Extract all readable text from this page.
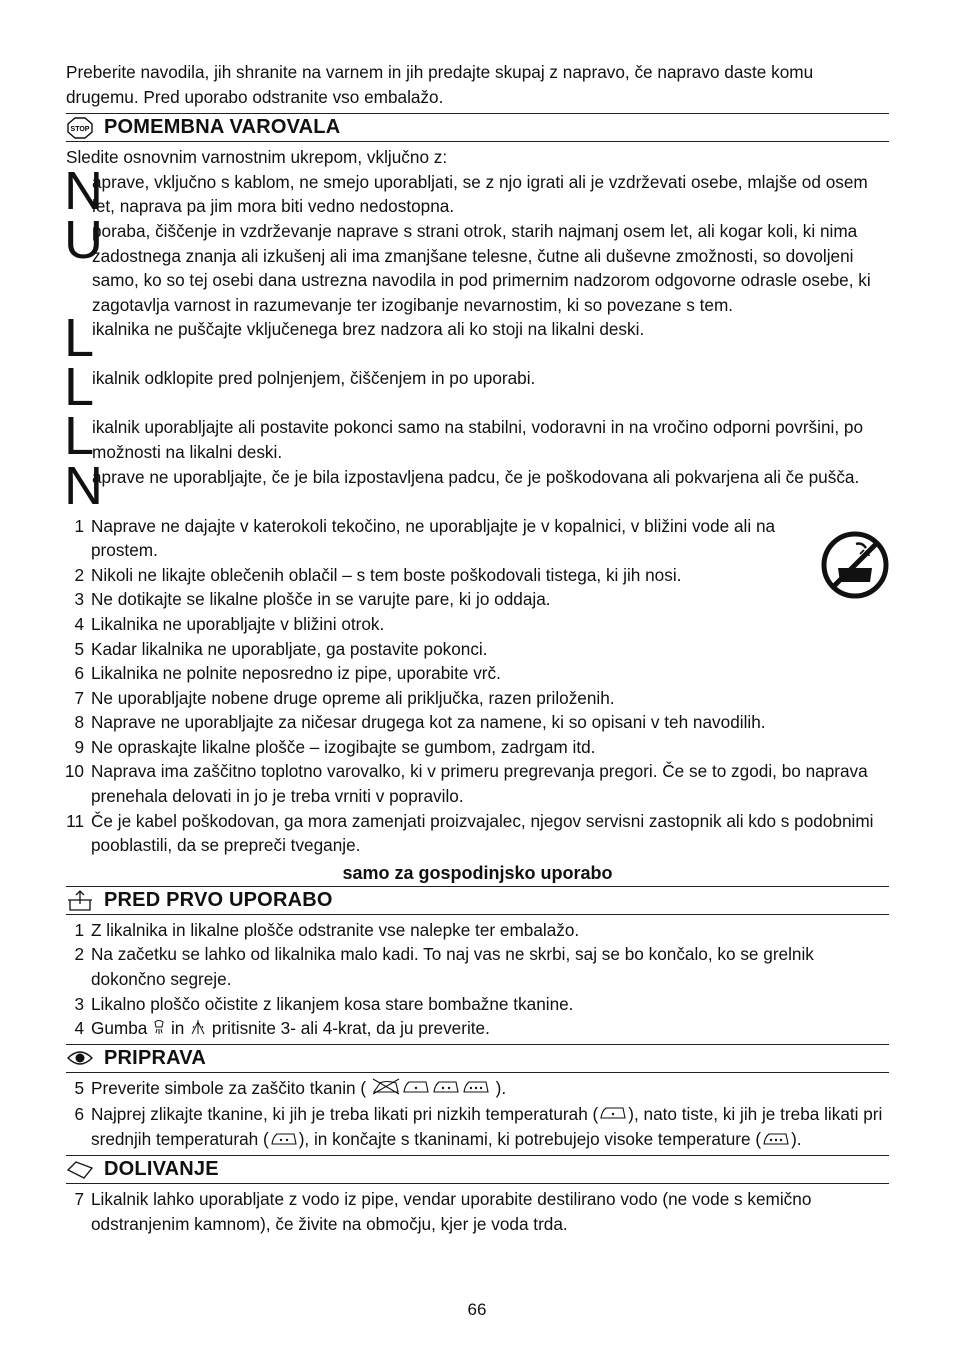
Preberite navodila, jih shranite na varnem in jih predajte skupaj z napravo, če napravo daste komu drugemu. Pred uporabo odstranite vso embalažo.

STOP POMEMBNA VAROVALA

Sledite osnovnim varnostnim ukrepom, vključno z:

N
aprave, vključno s kablom, ne smejo uporabljati, se z njo igrati ali je vzdrževati osebe, mlajše od osem let, naprava pa jim mora biti vedno nedostopna.
U
poraba, čiščenje in vzdrževanje naprave s strani otrok, starih najmanj osem let, ali kogar koli, ki nima zadostnega znanja ali izkušenj ali ima zmanjšane telesne, čutne ali duševne zmožnosti, so dovoljeni samo, ko so tej osebi dana ustrezna navodila in pod primernim nadzorom odgovorne odrasle osebe, ki zagotavlja varnost in razumevanje ter izogibanje nevarnostim, ki so povezane s tem.
L
ikalnika ne puščajte vključenega brez nadzora ali ko stoji na likalni deski.
L
ikalnik odklopite pred polnjenjem, čiščenjem in po uporabi.
L
ikalnik uporabljajte ali postavite pokonci samo na stabilni, vodoravni in na vročino odporni površini, po možnosti na likalni deski.
N
aprave ne uporabljajte, če je bila izpostavljena padcu, če je poškodovana ali pokvarjena ali če pušča.
1 Naprave ne dajajte v katerokoli tekočino, ne uporabljajte je v kopalnici, v bližini vode ali na prostem.
2 Nikoli ne likajte oblečenih oblačil – s tem boste poškodovali tistega, ki jih nosi.
3 Ne dotikajte se likalne plošče in se varujte pare, ki jo oddaja.
4 Likalnika ne uporabljajte v bližini otrok.
5 Kadar likalnika ne uporabljate, ga postavite pokonci.
6 Likalnika ne polnite neposredno iz pipe, uporabite vrč.
7 Ne uporabljajte nobene druge opreme ali priključka, razen priloženih.
8 Naprave ne uporabljajte za ničesar drugega kot za namene, ki so opisani v teh navodilih.
9 Ne opraskajte likalne plošče – izogibajte se gumbom, zadrgam itd.
10 Naprava ima zaščitno toplotno varovalko, ki v primeru pregrevanja pregori. Če se to zgodi, bo naprava prenehala delovati in jo je treba vrniti v popravilo.
11 Če je kabel poškodovan, ga mora zamenjati proizvajalec, njegov servisni zastopnik ali kdo s podobnimi pooblastili, da se prepreči tveganje.
samo za gospodinjsko uporabo
PRED PRVO UPORABO
1 Z likalnika in likalne plošče odstranite vse nalepke ter embalažo.
2 Na začetku se lahko od likalnika malo kadi. To naj vas ne skrbi, saj se bo končalo, ko se grelnik dokončno segreje.
3 Likalno ploščo očistite z likanjem kosa stare bombažne tkanine.
4 Gumba in pritisnite 3- ali 4-krat, da ju preverite.
PRIPRAVA
5 Preverite simbole za zaščito tkanin (	).
6 Najprej zlikajte tkanine, ki jih je treba likati pri nizkih temperaturah ( ), nato tiste, ki jih je treba likati pri srednjih temperaturah ( ), in končajte s tkaninami, ki potrebujejo visoke temperature ( ).
DOLIVANJE
7 Likalnik lahko uporabljate z vodo iz pipe, vendar uporabite destilirano vodo (ne vode s kemično odstranjenim kamnom), če živite na območju, kjer je voda trda.
66
